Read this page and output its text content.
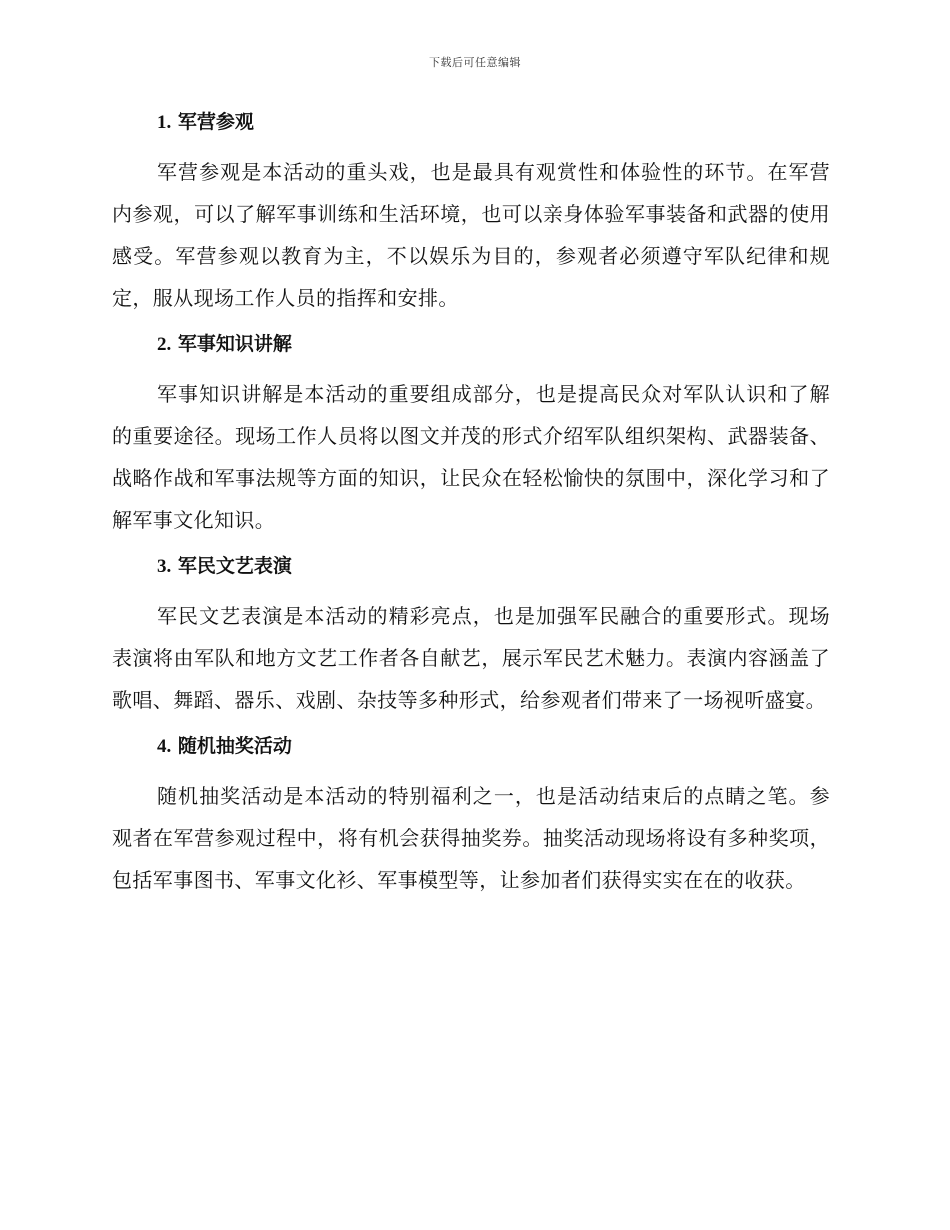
下载后可任意编辑
1. 军营参观

军营参观是本活动的重头戏，也是最具有观赏性和体验性的环节。在军营内参观，可以了解军事训练和生活环境，也可以亲身体验军事装备和武器的使用感受。军营参观以教育为主，不以娱乐为目的，参观者必须遵守军队纪律和规定，服从现场工作人员的指挥和安排。

2. 军事知识讲解

军事知识讲解是本活动的重要组成部分，也是提高民众对军队认识和了解的重要途径。现场工作人员将以图文并茂的形式介绍军队组织架构、武器装备、战略作战和军事法规等方面的知识，让民众在轻松愉快的氛围中，深化学习和了解军事文化知识。

3. 军民文艺表演

军民文艺表演是本活动的精彩亮点，也是加强军民融合的重要形式。现场表演将由军队和地方文艺工作者各自献艺，展示军民艺术魅力。表演内容涵盖了歌唱、舞蹈、器乐、戏剧、杂技等多种形式，给参观者们带来了一场视听盛宴。

4. 随机抽奖活动

随机抽奖活动是本活动的特别福利之一，也是活动结束后的点睛之笔。参观者在军营参观过程中，将有机会获得抽奖券。抽奖活动现场将设有多种奖项，包括军事图书、军事文化衫、军事模型等，让参加者们获得实实在在的收获。
